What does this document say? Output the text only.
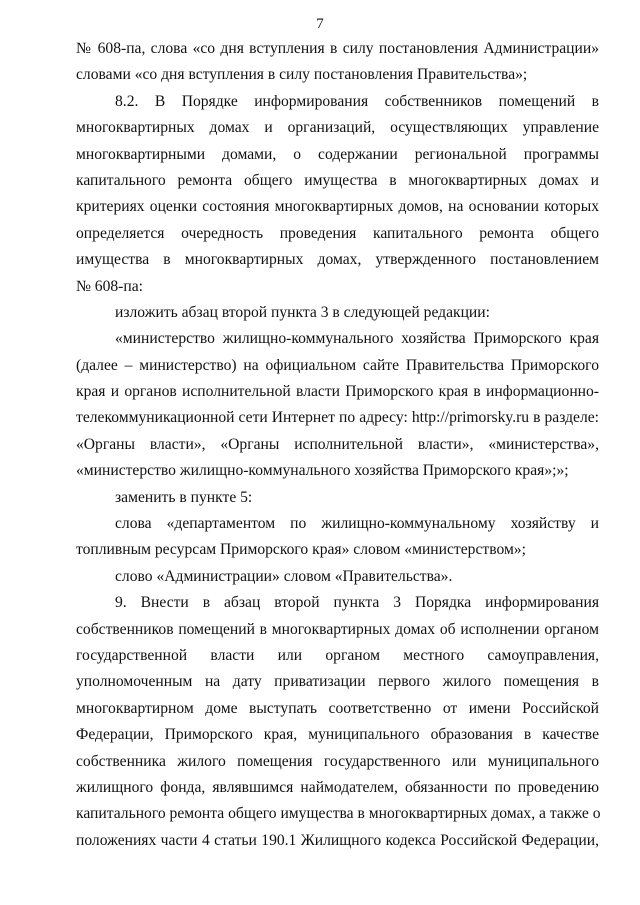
7
№ 608-па, слова «со дня вступления в силу постановления Администрации»
словами «со дня вступления в силу постановления Правительства»;
8.2. В Порядке информирования собственников помещений в
многоквартирных домах и организаций, осуществляющих управление
многоквартирными домами, о содержании региональной программы
капитального ремонта общего имущества в многоквартирных домах и
критериях оценки состояния многоквартирных домов, на основании которых
определяется очередность проведения капитального ремонта общего
имущества в многоквартирных домах, утвержденного постановлением
№ 608-па:
изложить абзац второй пункта 3 в следующей редакции:
«министерство жилищно-коммунального хозяйства Приморского края
(далее – министерство) на официальном сайте Правительства Приморского
края и органов исполнительной власти Приморского края в информационно-
телекоммуникационной сети Интернет по адресу: http://primorsky.ru в разделе:
«Органы власти», «Органы исполнительной власти», «министерства»,
«министерство жилищно-коммунального хозяйства Приморского края»;»;
заменить в пункте 5:
слова «департаментом по жилищно-коммунальному хозяйству и
топливным ресурсам Приморского края» словом «министерством»;
слово «Администрации» словом «Правительства».
9. Внести в абзац второй пункта 3 Порядка информирования
собственников помещений в многоквартирных домах об исполнении органом
государственной власти или органом местного самоуправления,
уполномоченным на дату приватизации первого жилого помещения в
многоквартирном доме выступать соответственно от имени Российской
Федерации, Приморского края, муниципального образования в качестве
собственника жилого помещения государственного или муниципального
жилищного фонда, являвшимся наймодателем, обязанности по проведению
капитального ремонта общего имущества в многоквартирных домах, а также о
положениях части 4 статьи 190.1 Жилищного кодекса Российской Федерации,
